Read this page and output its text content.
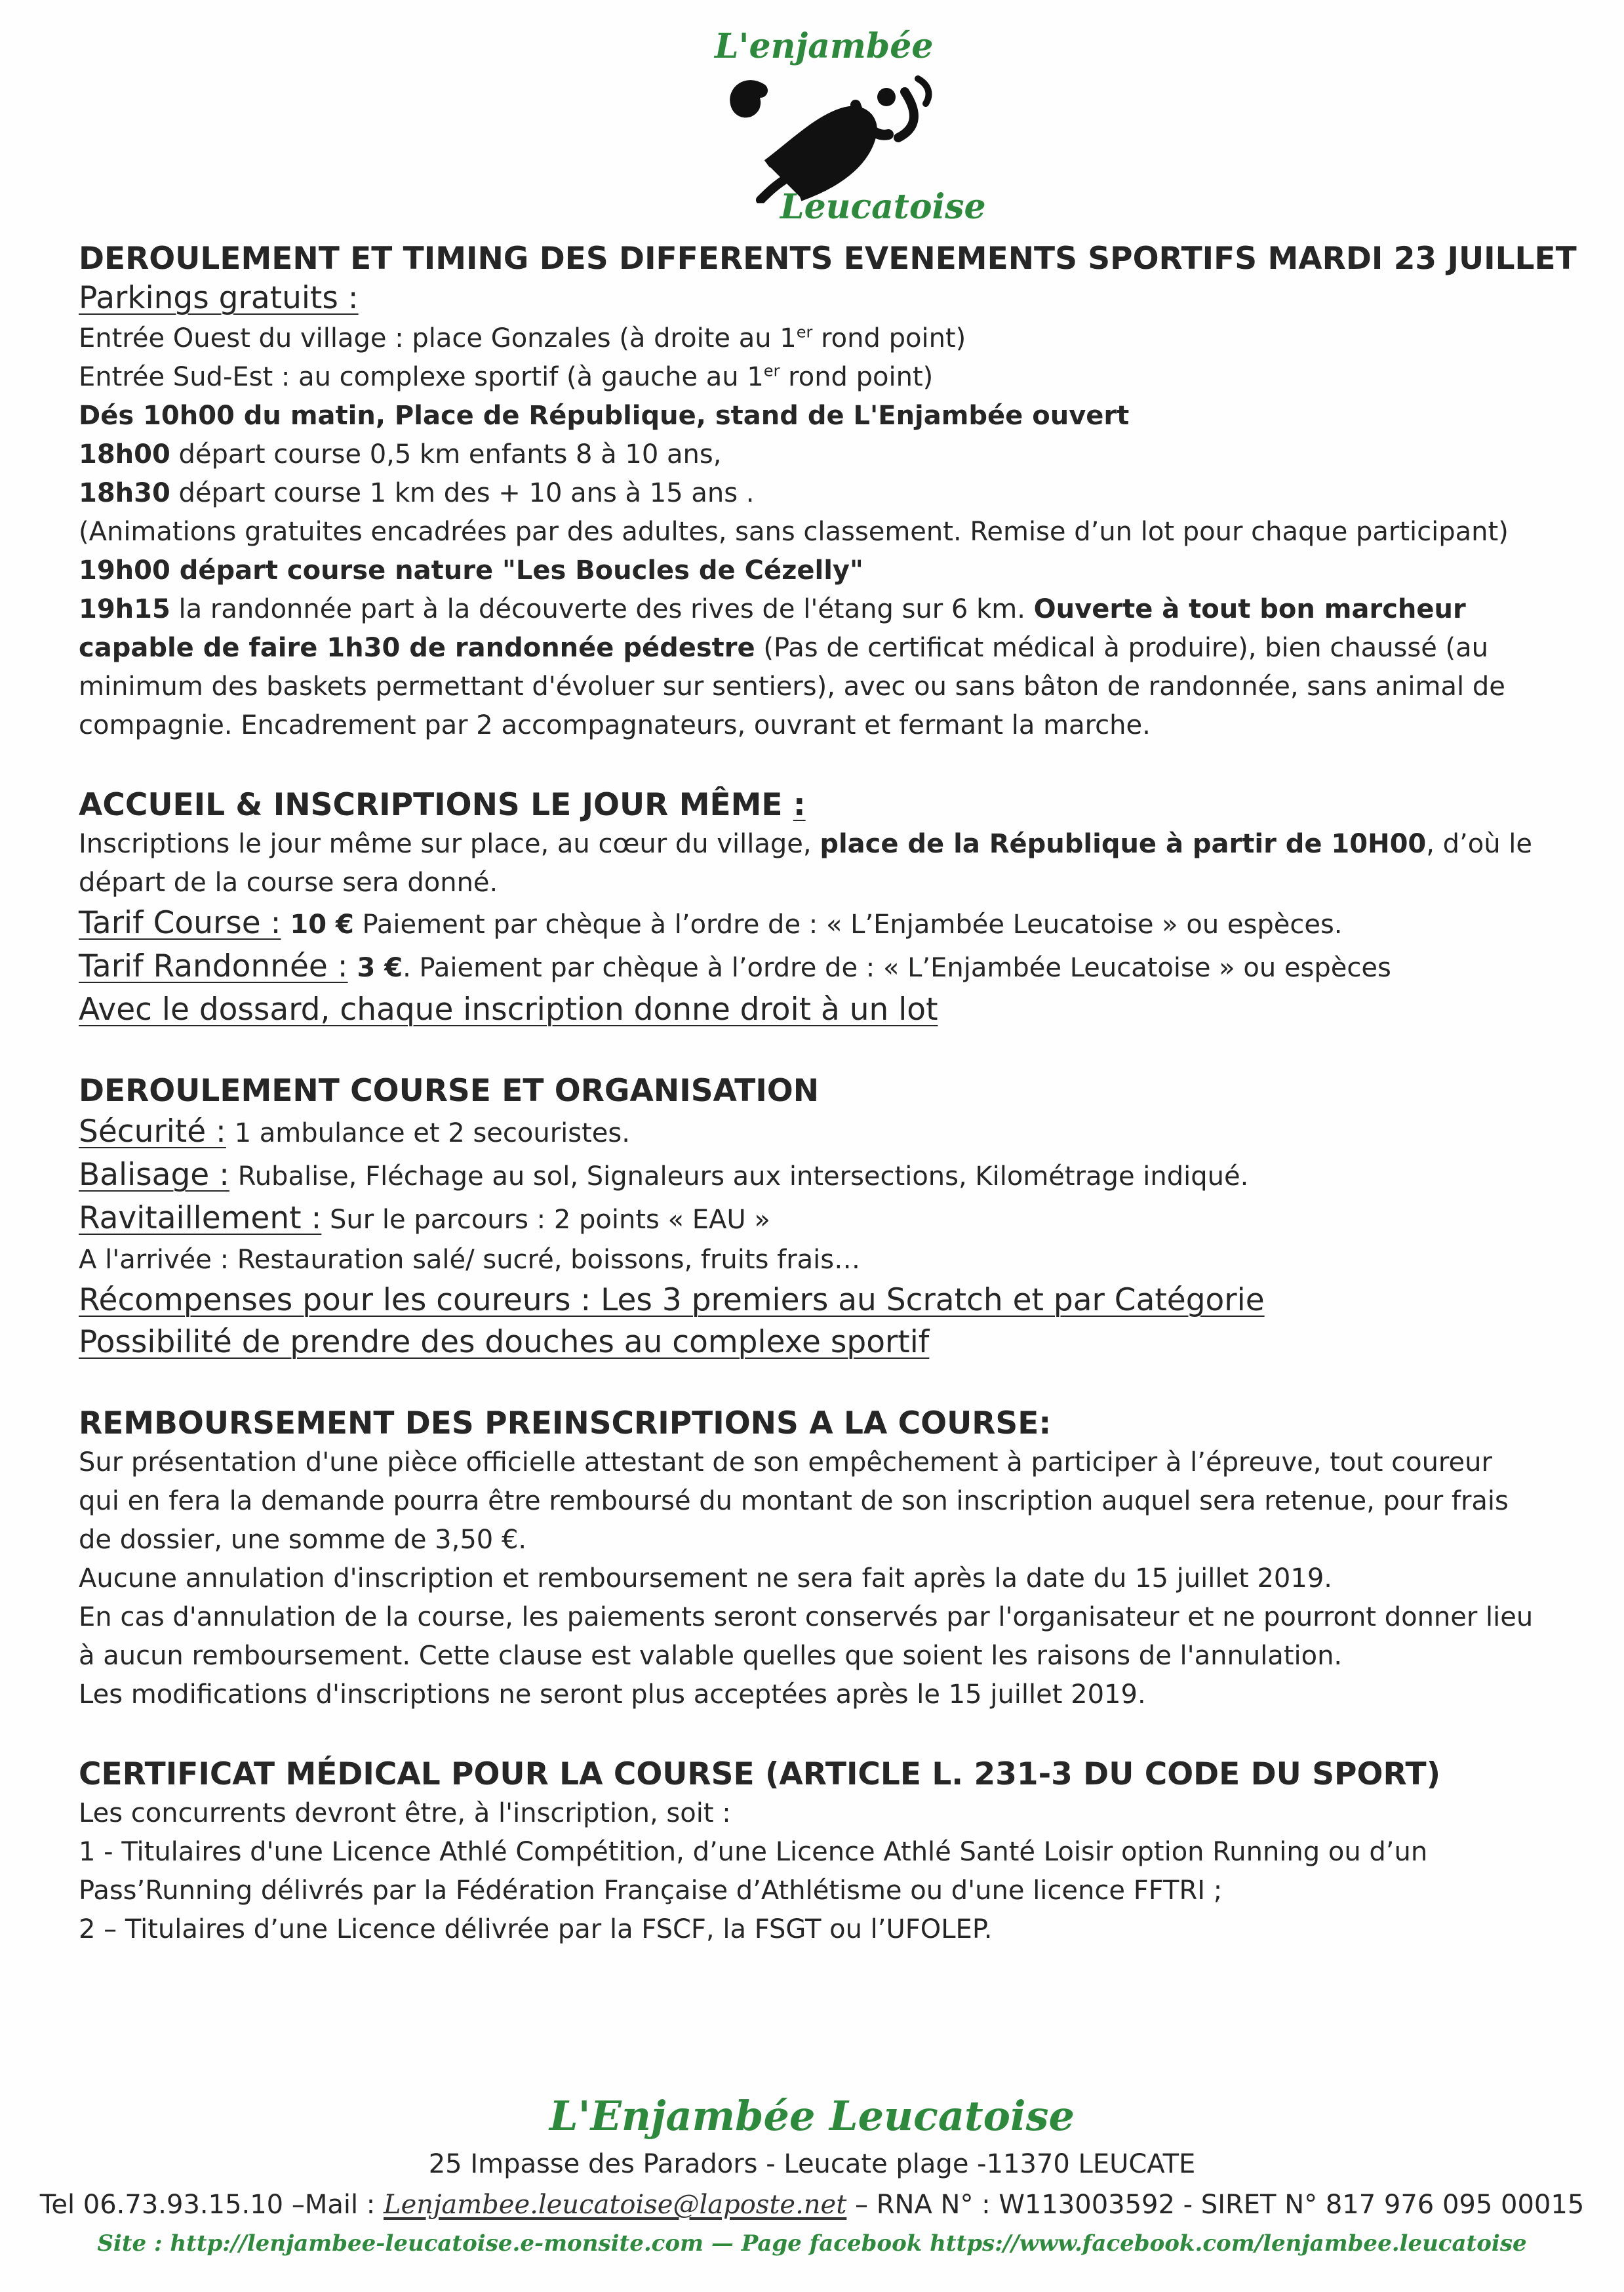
L'enjambée
Leucatoise
DEROULEMENT ET TIMING DES DIFFERENTS EVENEMENTS SPORTIFS MARDI 23 JUILLET
Parkings gratuits :
Entrée Ouest du village : place Gonzales (à droite au 1er rond point)
Entrée Sud-Est : au complexe sportif (à gauche au 1er rond point)
Dés 10h00 du matin, Place de République, stand de L'Enjambée ouvert
18h00 départ course 0,5 km enfants 8 à 10 ans,
18h30 départ course 1 km des + 10 ans à 15 ans .
(Animations gratuites encadrées par des adultes, sans classement. Remise d’un lot pour chaque participant)
19h00 départ course nature "Les Boucles de Cézelly"
19h15 la randonnée part à la découverte des rives de l'étang sur 6 km. Ouverte à tout bon marcheur capable de faire 1h30 de randonnée pédestre (Pas de certificat médical à produire), bien chaussé (au minimum des baskets permettant d'évoluer sur sentiers), avec ou sans bâton de randonnée, sans animal de compagnie. Encadrement par 2 accompagnateurs, ouvrant et fermant la marche.
ACCUEIL & INSCRIPTIONS LE JOUR MÊME :
Inscriptions le jour même sur place, au cœur du village, place de la République à partir de 10H00, d’où le départ de la course sera donné.
Tarif Course : 10 € Paiement par chèque à l’ordre de : « L’Enjambée Leucatoise » ou espèces.
Tarif Randonnée : 3 €. Paiement par chèque à l’ordre de : « L’Enjambée Leucatoise » ou espèces
Avec le dossard, chaque inscription donne droit à un lot
DEROULEMENT COURSE ET ORGANISATION
Sécurité : 1 ambulance et 2 secouristes.
Balisage : Rubalise, Fléchage au sol, Signaleurs aux intersections, Kilométrage indiqué.
Ravitaillement : Sur le parcours : 2 points « EAU »
A l'arrivée : Restauration salé/ sucré, boissons, fruits frais…
Récompenses pour les coureurs : Les 3 premiers au Scratch et par Catégorie
Possibilité de prendre des douches au complexe sportif
REMBOURSEMENT DES PREINSCRIPTIONS A LA COURSE:
Sur présentation d'une pièce officielle attestant de son empêchement à participer à l’épreuve, tout coureur qui en fera la demande pourra être remboursé du montant de son inscription auquel sera retenue, pour frais de dossier, une somme de 3,50 €.
Aucune annulation d'inscription et remboursement ne sera fait après la date du 15 juillet 2019.
En cas d'annulation de la course, les paiements seront conservés par l'organisateur et ne pourront donner lieu à aucun remboursement. Cette clause est valable quelles que soient les raisons de l'annulation.
Les modifications d'inscriptions ne seront plus acceptées après le 15 juillet 2019.
CERTIFICAT MÉDICAL POUR LA COURSE (ARTICLE L. 231-3 DU CODE DU SPORT)
Les concurrents devront être, à l'inscription, soit :
1 - Titulaires d'une Licence Athlé Compétition, d’une Licence Athlé Santé Loisir option Running ou d’un Pass’Running délivrés par la Fédération Française d’Athlétisme ou d'une licence FFTRI ;
2 – Titulaires d’une Licence délivrée par la FSCF, la FSGT ou l’UFOLEP.
L'Enjambée Leucatoise
25 Impasse des Paradors - Leucate plage -11370 LEUCATE
Tel 06.73.93.15.10 –Mail : Lenjambee.leucatoise@laposte.net – RNA N° : W113003592 - SIRET N° 817 976 095 00015
Site : http://lenjambee-leucatoise.e-monsite.com — Page facebook https://www.facebook.com/lenjambee.leucatoise
